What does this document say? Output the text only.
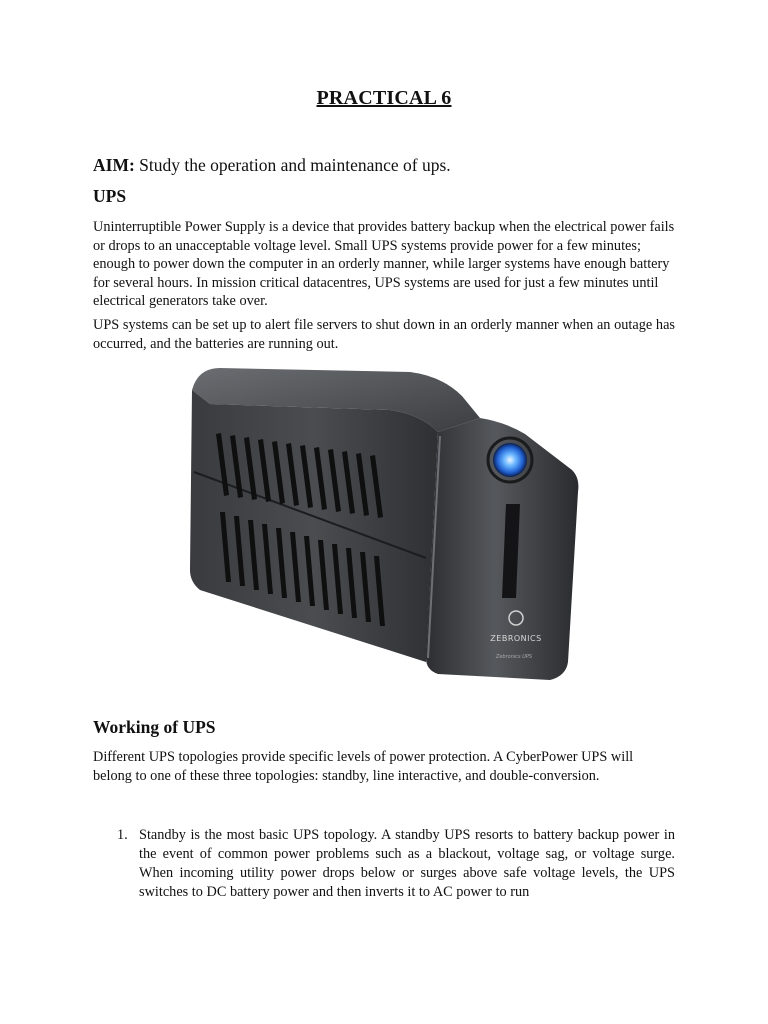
PRACTICAL 6
AIM: Study the operation and maintenance of ups.
UPS
Uninterruptible Power Supply is a device that provides battery backup when the electrical power fails or drops to an unacceptable voltage level. Small UPS systems provide power for a few minutes; enough to power down the computer in an orderly manner, while larger systems have enough battery for several hours. In mission critical datacentres, UPS systems are used for just a few minutes until electrical generators take over.
UPS systems can be set up to alert file servers to shut down in an orderly manner when an outage has occurred, and the batteries are running out.
ZEBRONICS
Zebronics UPS
Working of UPS
Different UPS topologies provide specific levels of power protection. A CyberPower UPS will belong to one of these three topologies: standby, line interactive, and double-conversion.
1. Standby is the most basic UPS topology. A standby UPS resorts to battery backup power in the event of common power problems such as a blackout, voltage sag, or voltage surge. When incoming utility power drops below or surges above safe voltage levels, the UPS switches to DC battery power and then inverts it to AC power to run
